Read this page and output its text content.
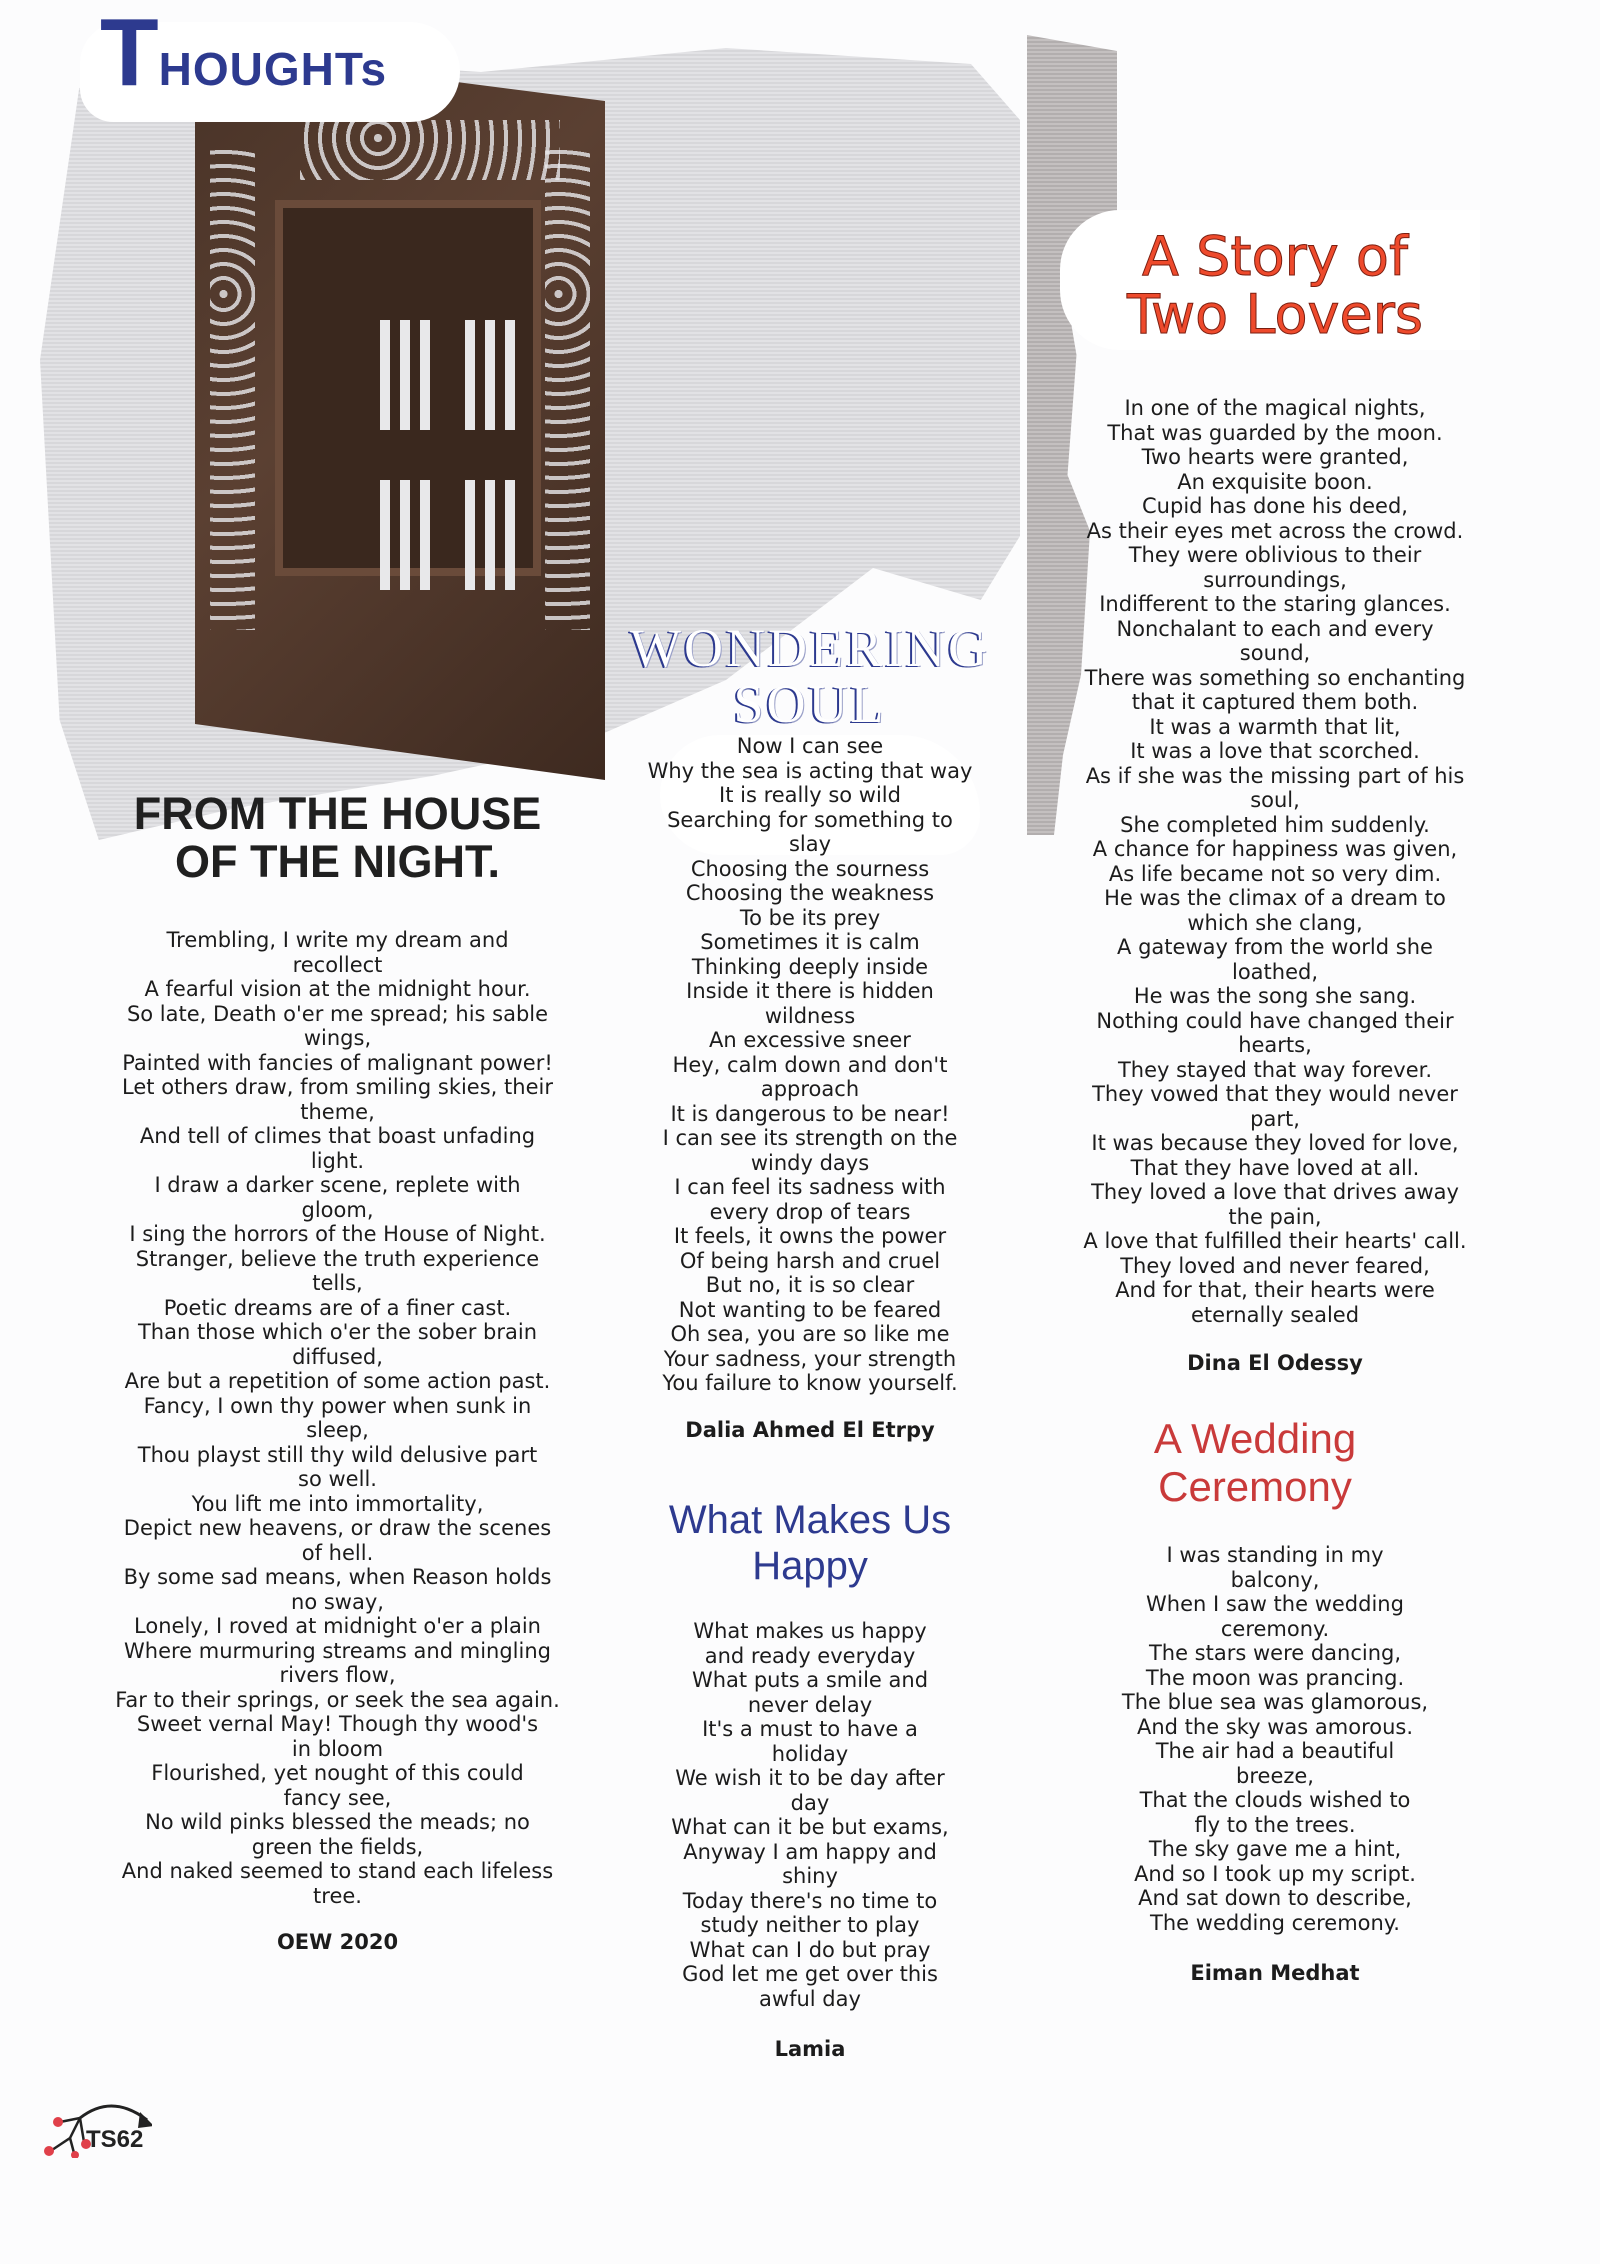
THOUGHTs
FROM THE HOUSE
OF THE NIGHT.
Trembling, I write my dream and
recollect
A fearful vision at the midnight hour.
So late, Death o'er me spread; his sable
wings,
Painted with fancies of malignant power!
Let others draw, from smiling skies, their
theme,
And tell of climes that boast unfading
light.
I draw a darker scene, replete with
gloom,
I sing the horrors of the House of Night.
Stranger, believe the truth experience
tells,
Poetic dreams are of a finer cast.
Than those which o'er the sober brain
diffused,
Are but a repetition of some action past.
Fancy, I own thy power when sunk in
sleep,
Thou playst still thy wild delusive part
so well.
You lift me into immortality,
Depict new heavens, or draw the scenes
of hell.
By some sad means, when Reason holds
no sway,
Lonely, I roved at midnight o'er a plain
Where murmuring streams and mingling
rivers flow,
Far to their springs, or seek the sea again.
Sweet vernal May! Though thy wood's
in bloom
Flourished, yet nought of this could
fancy see,
No wild pinks blessed the meads; no
green the fields,
And naked seemed to stand each lifeless
tree.
OEW 2020
WONDERING
SOUL
Now I can see
Why the sea is acting that way
It is really so wild
Searching for something to
slay
Choosing the sourness
Choosing the weakness
To be its prey
Sometimes it is calm
Thinking deeply inside
Inside it there is hidden
wildness
An excessive sneer
Hey, calm down and don't
approach
It is dangerous to be near!
I can see its strength on the
windy days
I can feel its sadness with
every drop of tears
It feels, it owns the power
Of being harsh and cruel
But no, it is so clear
Not wanting to be feared
Oh sea, you are so like me
Your sadness, your strength
You failure to know yourself.
Dalia Ahmed El Etrpy
What Makes Us
Happy
What makes us happy
and ready everyday
What puts a smile and
never delay
It's a must to have a
holiday
We wish it to be day after
day
What can it be but exams,
Anyway I am happy and
shiny
Today there's no time to
study neither to play
What can I do but pray
God let me get over this
awful day
Lamia
A Story of
Two Lovers
In one of the magical nights,
That was guarded by the moon.
Two hearts were granted,
An exquisite boon.
Cupid has done his deed,
As their eyes met across the crowd.
They were oblivious to their
surroundings,
Indifferent to the staring glances.
Nonchalant to each and every
sound,
There was something so enchanting
that it captured them both.
It was a warmth that lit,
It was a love that scorched.
As if she was the missing part of his
soul,
She completed him suddenly.
A chance for happiness was given,
As life became not so very dim.
He was the climax of a dream to
which she clang,
A gateway from the world she
loathed,
He was the song she sang.
Nothing could have changed their
hearts,
They stayed that way forever.
They vowed that they would never
part,
It was because they loved for love,
That they have loved at all.
They loved a love that drives away
the pain,
A love that fulfilled their hearts' call.
They loved and never feared,
And for that, their hearts were
eternally sealed
Dina El Odessy
A Wedding
Ceremony
I was standing in my
balcony,
When I saw the wedding
ceremony.
The stars were dancing,
The moon was prancing.
The blue sea was glamorous,
And the sky was amorous.
The air had a beautiful
breeze,
That the clouds wished to
fly to the trees.
The sky gave me a hint,
And so I took up my script.
And sat down to describe,
The wedding ceremony.
Eiman Medhat
TS62
